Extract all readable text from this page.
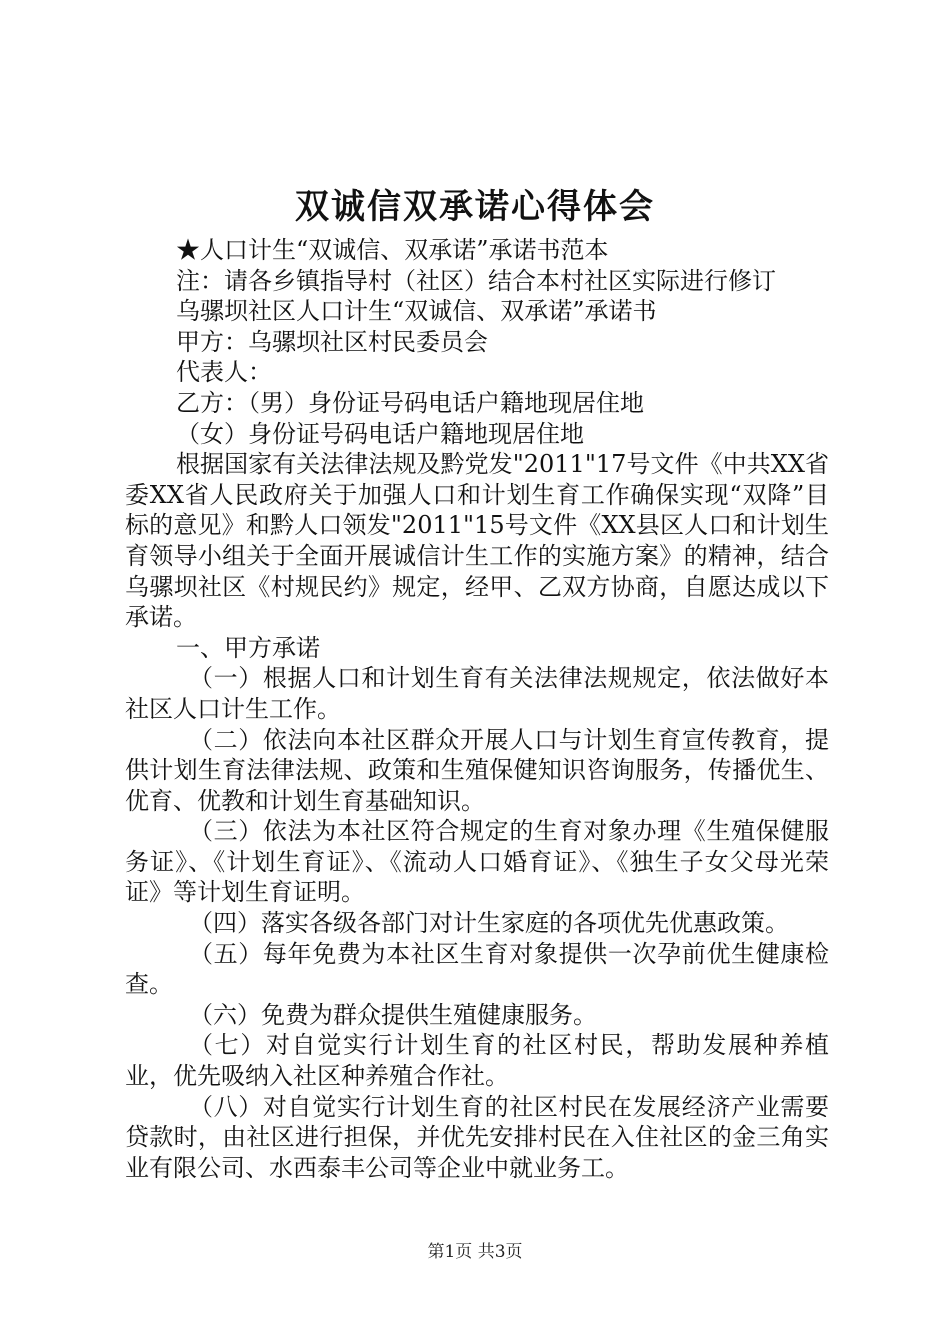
双诚信双承诺心得体会

★人口计生“双诚信、双承诺”承诺书范本

注：请各乡镇指导村（社区）结合本村社区实际进行修订

乌骡坝社区人口计生“双诚信、双承诺”承诺书

甲方：乌骡坝社区村民委员会

代表人：

乙方：（男）身份证号码电话户籍地现居住地

（女）身份证号码电话户籍地现居住地

根据国家有关法律法规及黔党发"2011"17号文件《中共XX省委XX省人民政府关于加强人口和计划生育工作确保实现“双降”目标的意见》和黔人口领发"2011"15号文件《XX县区人口和计划生育领导小组关于全面开展诚信计生工作的实施方案》的精神，结合乌骡坝社区《村规民约》规定，经甲、乙双方协商，自愿达成以下承诺。

一、甲方承诺

（一）根据人口和计划生育有关法律法规规定，依法做好本社区人口计生工作。

（二）依法向本社区群众开展人口与计划生育宣传教育，提供计划生育法律法规、政策和生殖保健知识咨询服务，传播优生、优育、优教和计划生育基础知识。

（三）依法为本社区符合规定的生育对象办理《生殖保健服务证》、《计划生育证》、《流动人口婚育证》、《独生子女父母光荣证》等计划生育证明。

（四）落实各级各部门对计生家庭的各项优先优惠政策。

（五）每年免费为本社区生育对象提供一次孕前优生健康检查。

（六）免费为群众提供生殖健康服务。

（七）对自觉实行计划生育的社区村民，帮助发展种养植业，优先吸纳入社区种养殖合作社。

（八）对自觉实行计划生育的社区村民在发展经济产业需要贷款时，由社区进行担保，并优先安排村民在入住社区的金三角实业有限公司、水西泰丰公司等企业中就业务工。

第1页 共3页
